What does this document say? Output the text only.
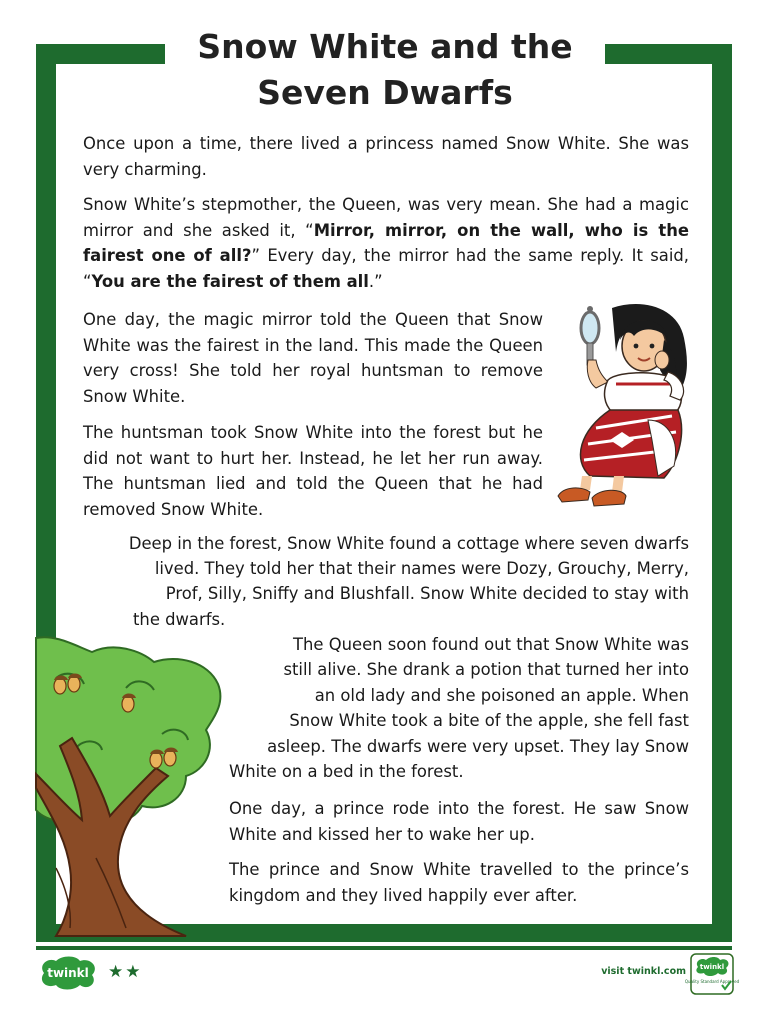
Snow White and the Seven Dwarfs

Once upon a time, there lived a princess named Snow White. She was very charming.

Snow White’s stepmother, the Queen, was very mean. She had a magic mirror and she asked it, “Mirror, mirror, on the wall, who is the fairest one of all?” Every day, the mirror had the same reply. It said, “You are the fairest of them all.”

One day, the magic mirror told the Queen that Snow White was the fairest in the land. This made the Queen very cross! She told her royal huntsman to remove Snow White.

The huntsman took Snow White into the forest but he did not want to hurt her. Instead, he let her run away. The huntsman lied and told the Queen that he had removed Snow White.

Deep in the forest, Snow White found a cottage where seven dwarfs

lived. They told her that their names were Dozy, Grouchy, Merry,

Prof, Silly, Sniffy and Blushfall. Snow White decided to stay with

the dwarfs.

The Queen soon found out that Snow White was

still alive. She drank a potion that turned her into

an old lady and she poisoned an apple. When

Snow White took a bite of the apple, she fell fast

asleep. The dwarfs were very upset. They lay Snow

White on a bed in the forest.

One day, a prince rode into the forest. He saw Snow White and kissed her to wake her up.

The prince and Snow White travelled to the prince’s kingdom and they lived happily ever after.

twinkl ★★	visit twinkl.com twinkl
Quality Standard Approved
